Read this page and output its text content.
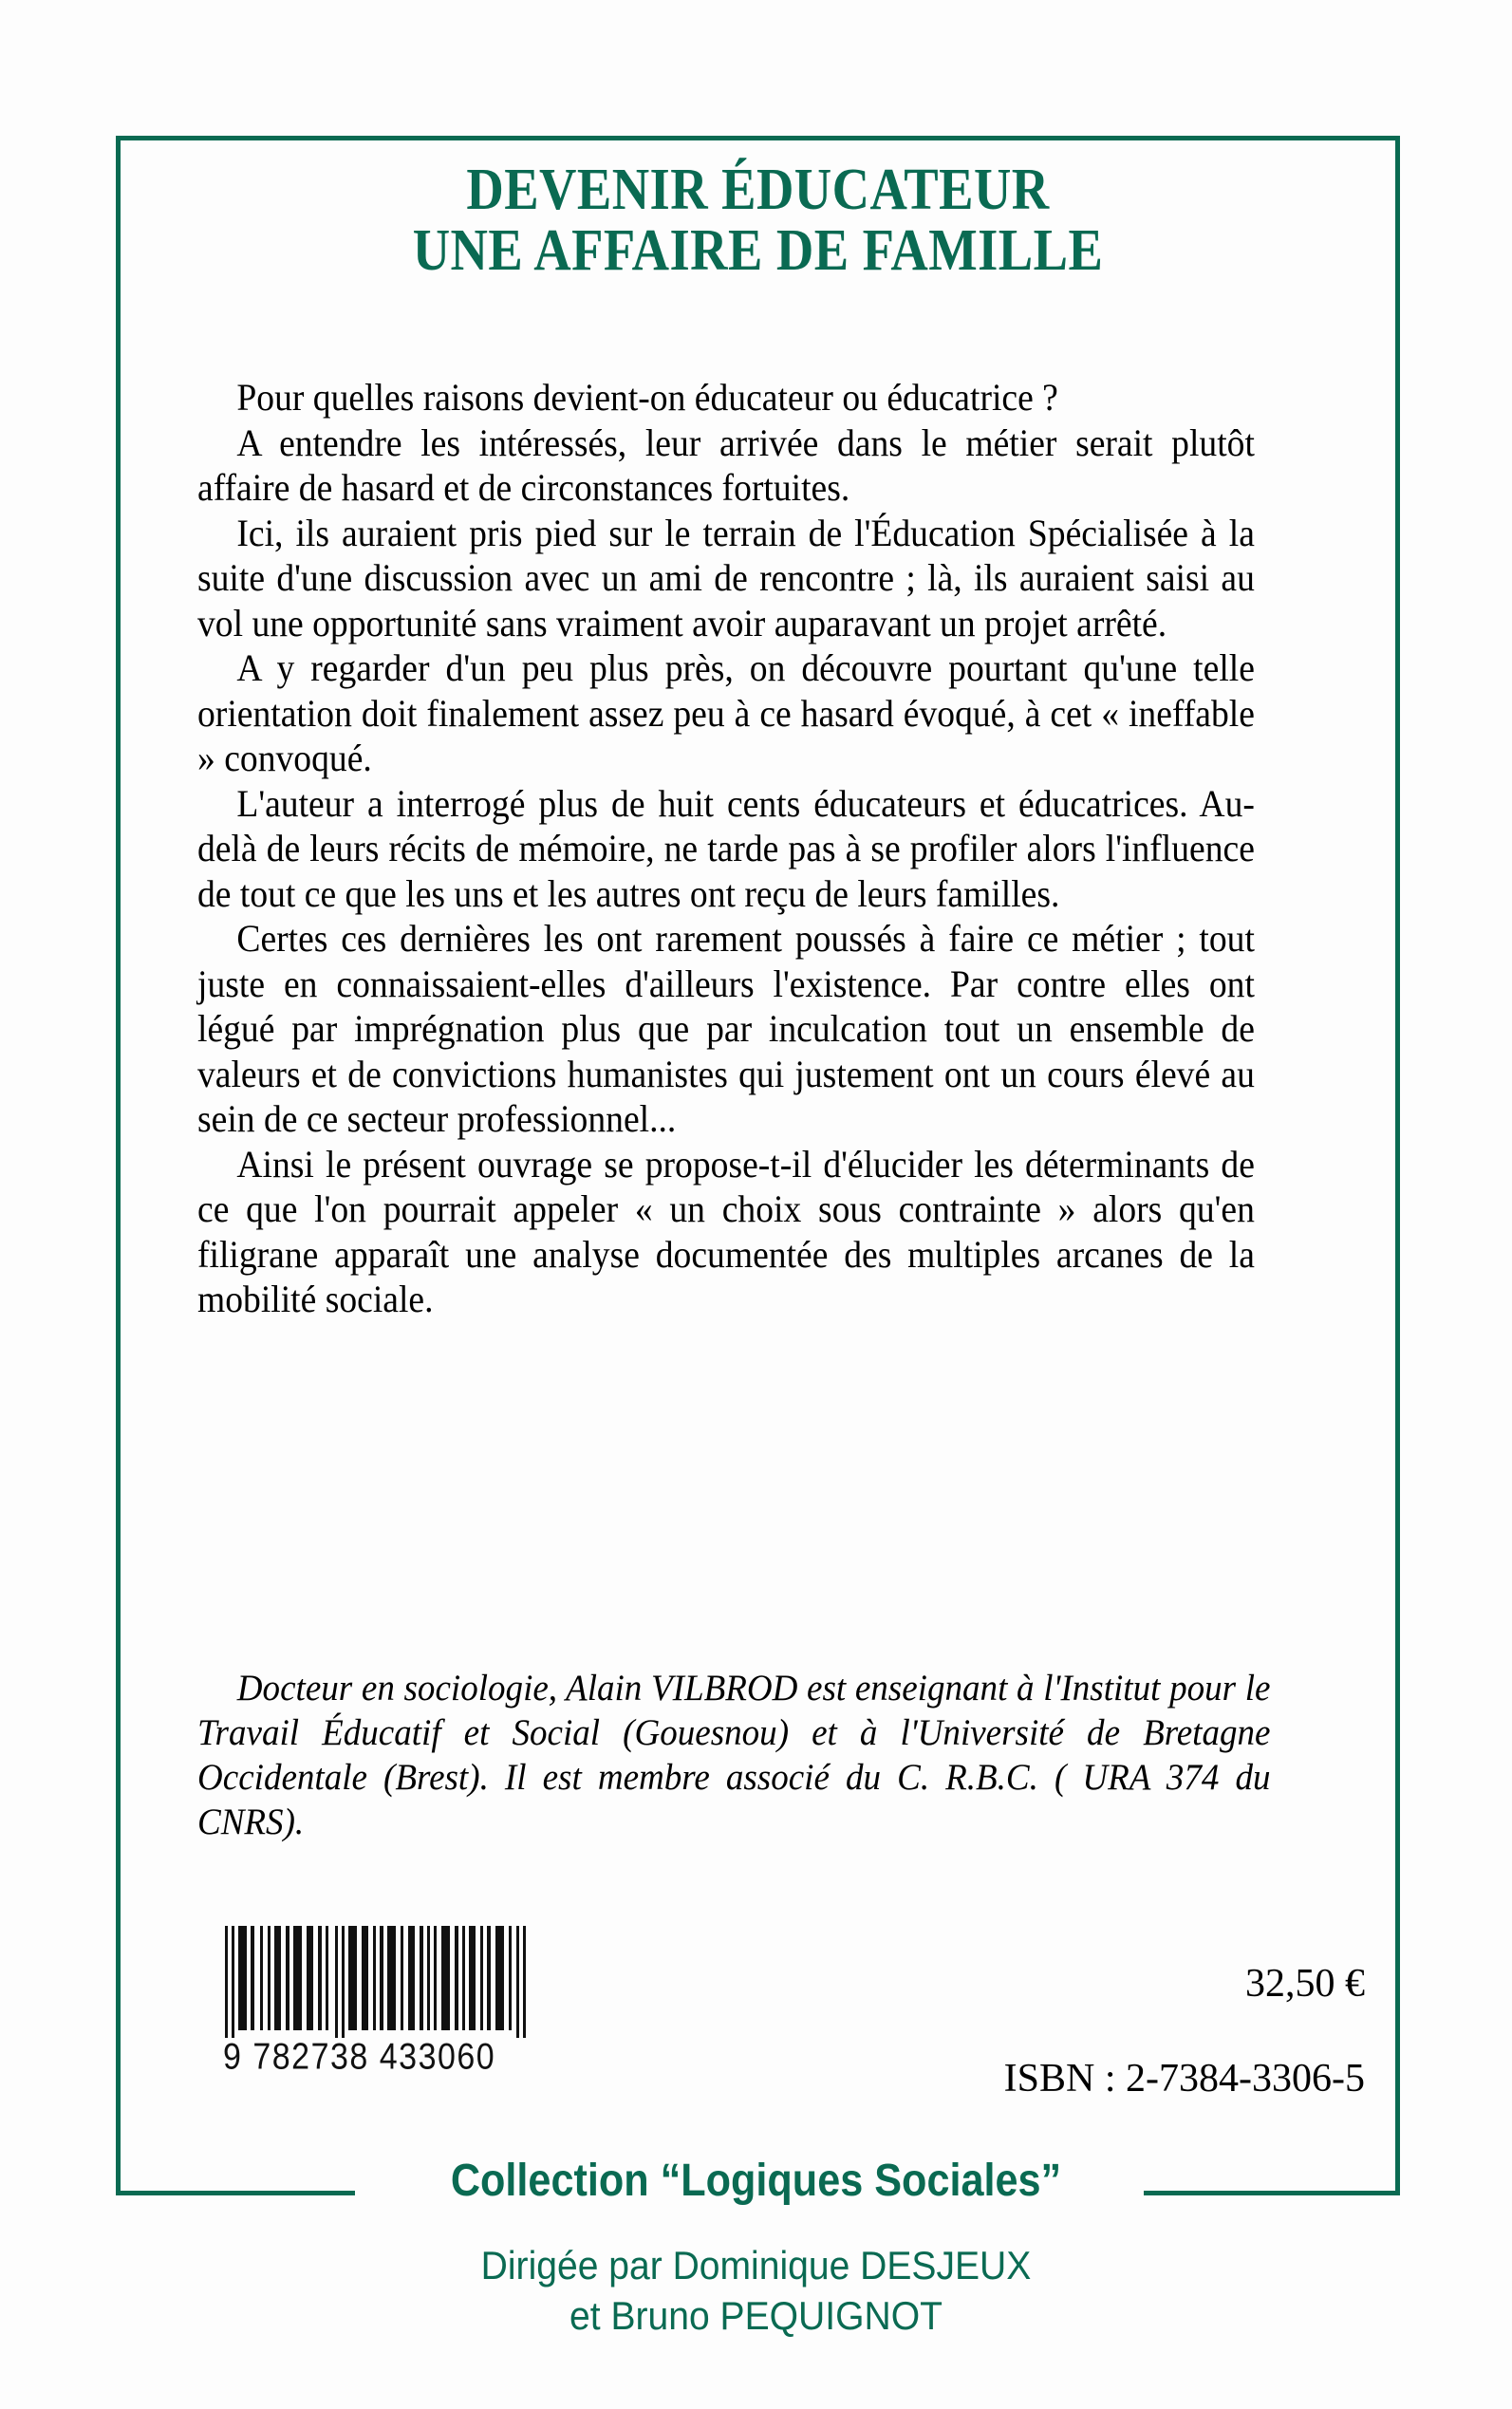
DEVENIR ÉDUCATEUR
UNE AFFAIRE DE FAMILLE

Pour quelles raisons devient-on éducateur ou éducatrice ?

A entendre les intéressés, leur arrivée dans le métier serait plutôt affaire de hasard et de circonstances fortuites.

Ici, ils auraient pris pied sur le terrain de l'Éducation Spécialisée à la suite d'une discussion avec un ami de rencontre ; là, ils auraient saisi au vol une opportunité sans vraiment avoir auparavant un projet arrêté.

A y regarder d'un peu plus près, on découvre pourtant qu'une telle orientation doit finalement assez peu à ce hasard évoqué, à cet « ineffable » convoqué.

L'auteur a interrogé plus de huit cents éducateurs et éducatrices. Au-delà de leurs récits de mémoire, ne tarde pas à se profiler alors l'influence de tout ce que les uns et les autres ont reçu de leurs familles.

Certes ces dernières les ont rarement poussés à faire ce métier ; tout juste en connaissaient-elles d'ailleurs l'existence. Par contre elles ont légué par imprégnation plus que par inculcation tout un ensemble de valeurs et de convictions humanistes qui justement ont un cours élevé au sein de ce secteur professionnel...

Ainsi le présent ouvrage se propose-t-il d'élucider les déterminants de ce que l'on pourrait appeler « un choix sous contrainte » alors qu'en filigrane apparaît une analyse documentée des multiples arcanes de la mobilité sociale.

Docteur en sociologie, Alain VILBROD est enseignant à l'Institut pour le Travail Éducatif et Social (Gouesnou) et à l'Université de Bretagne Occidentale (Brest). Il est membre associé du C. R.B.C. ( URA 374 du CNRS).

9 782738 433060
32,50 €
ISBN : 2-7384-3306-5
Collection “Logiques Sociales”
Dirigée par Dominique DESJEUX
et Bruno PEQUIGNOT
